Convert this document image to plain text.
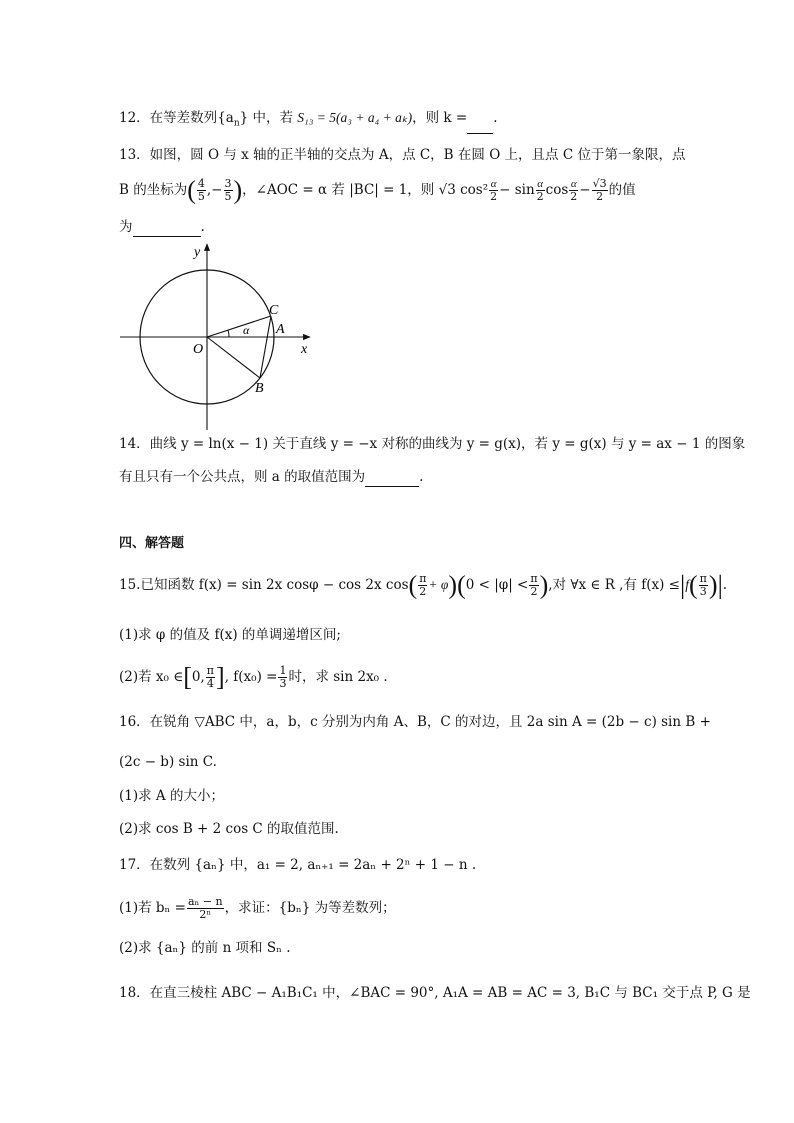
12．在等差数列$\{a_n\}$ 中，若 S₁₃ = 5(a₃ + a₄ + aₖ)，则 k = .
13．如图，圆 O 与 x 轴的正半轴的交点为 A，点 C，B 在圆 O 上，且点 C 位于第一象限，点
B 的坐标为( $\frac{4}{5}$ ,− $\frac{3}{5}$ )，∠AOC = α 若 |BC| = 1，则 √3 $\cos^2 \frac{\alpha}{2} - \sin \frac{\alpha}{2}$ $\cos \frac{\alpha}{2} - \frac{√3}{2}$ 的值
为	.
y
x
O
A
B
C
α
14．曲线 y = ln(x − 1) 关于直线 y = −x 对称的曲线为 y = g(x)，若 y = g(x) 与 y = ax − 1 的图象
有且只有一个公共点，则 a 的取值范围为	.
四、解答题
15.已知函数 f(x) = sin 2x cosφ − cos 2x $\cos( \frac{\pi}{2} + \varphi)(0 < |\varphi| < \frac{\pi}{2}$ ),对 ∀x ∈ R ,有 $f(x) \le|f( \frac{\pi}{3}$ )|.
(1)求 φ 的值及 f(x) 的单调递增区间;
(2)若 x₀ ∈[0, $\frac{\pi}{4}$ ], $f(x_0) = \frac{1}{3}$ 时，求 sin 2x₀ .
16．在锐角 ▽ABC 中，a，b，c 分别为内角 A、B，C 的对边，且 2a sin A = (2b − c) sin B +
(2c − b) sin C.
(1)求 A 的大小；
(2)求 cos B + 2 cos C 的取值范围.
17．在数列 {aₙ} 中，a₁ = 2, aₙ₊₁ = 2aₙ + 2ⁿ + 1 − n .
(1)若 $b_n = \frac{\text{aₙ − n}}{\text{2ⁿ}}$ ，求证：{bₙ} 为等差数列；
(2)求 {aₙ} 的前 n 项和 Sₙ .
18．在直三棱柱 ABC − A₁B₁C₁ 中，∠BAC = 90°, A₁A = AB = AC = 3, B₁C 与 BC₁ 交于点 P, G 是
